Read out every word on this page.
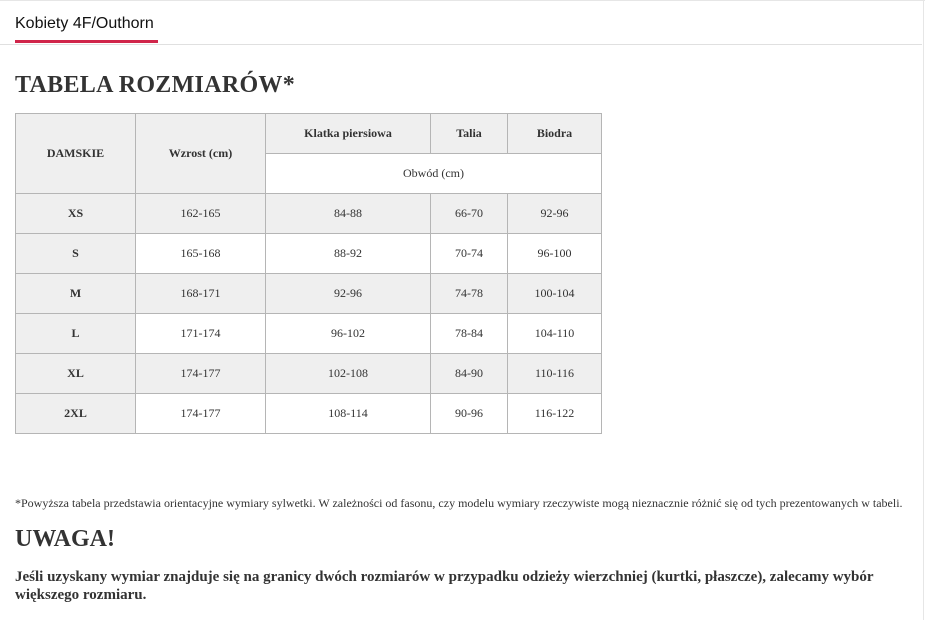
Kobiety 4F/Outhorn
TABELA ROZMIARÓW*
DAMSKIE	Wzrost (cm)	Klatka piersiowa	Talia	Biodra
		Obwód (cm)		
XS	162-165	84-88	66-70	92-96
S	165-168	88-92	70-74	96-100
M	168-171	92-96	74-78	100-104
L	171-174	96-102	78-84	104-110
XL	174-177	102-108	84-90	110-116
2XL	174-177	108-114	90-96	116-122

*Powyższa tabela przedstawia orientacyjne wymiary sylwetki. W zależności od fasonu, czy modelu wymiary rzeczywiste mogą nieznacznie różnić się od tych prezentowanych w tabeli.

UWAGA!

Jeśli uzyskany wymiar znajduje się na granicy dwóch rozmiarów w przypadku odzieży wierzchniej (kurtki, płaszcze), zalecamy wybór większego rozmiaru.
